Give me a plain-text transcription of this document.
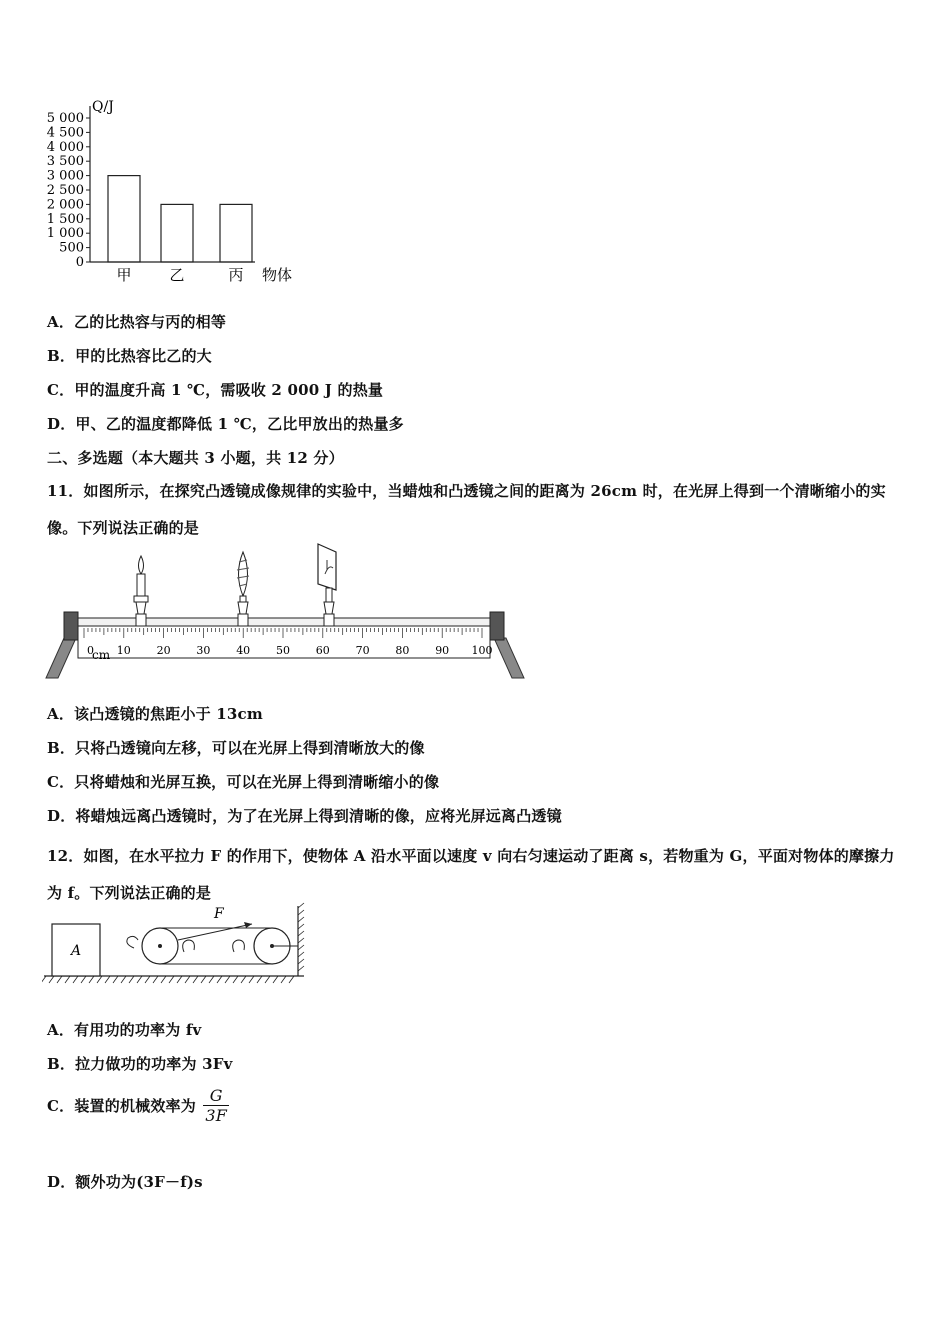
0
500
1 000
1 500
2 000
2 500
3 000
3 500
4 000
4 500
5 000
甲	乙	丙
Q/J
物体
A．乙的比热容与丙的相等
B．甲的比热容比乙的大
C．甲的温度升高 1 ℃，需吸收 2 000 J 的热量
D．甲、乙的温度都降低 1 ℃，乙比甲放出的热量多
二、多选题（本大题共 3 小题，共 12 分）
11．如图所示，在探究凸透镜成像规律的实验中，当蜡烛和凸透镜之间的距离为 26cm 时，在光屏上得到一个清晰缩小的实像。下列说法正确的是
0 10 20 30 40 50 60 70 80 90 100
cm
A．该凸透镜的焦距小于 13cm
B．只将凸透镜向左移，可以在光屏上得到清晰放大的像
C．只将蜡烛和光屏互换，可以在光屏上得到清晰缩小的像
D．将蜡烛远离凸透镜时，为了在光屏上得到清晰的像，应将光屏远离凸透镜
12．如图，在水平拉力 F 的作用下，使物体 A 沿水平面以速度 v 向右匀速运动了距离 s，若物重为 G，平面对物体的摩擦力为 f。下列说法正确的是
A
F
A．有用功的功率为 fv
B．拉力做功的功率为 3Fv
C．装置的机械效率为 $\frac{G}{3F}$
D．额外功为(3F－f)s
